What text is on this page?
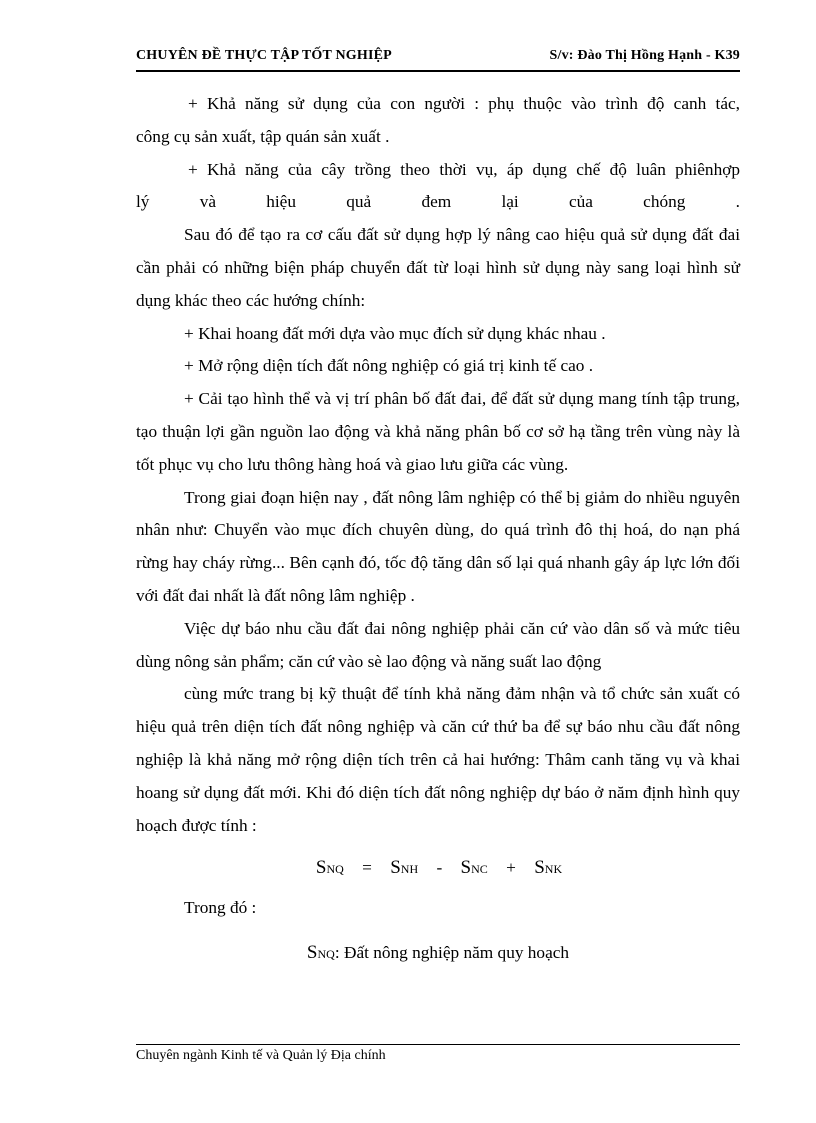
CHUYÊN ĐỀ THỰC TẬP TỐT NGHIỆP	S/v: Đào Thị Hồng Hạnh - K39

+ Khả năng sử dụng của con người : phụ thuộc vào trình độ canh tác,

công cụ sản xuất, tập quán sản xuất .

+ Khả năng của cây trồng theo thời vụ, áp dụng chế độ luân phiênhợp

lý và hiệu quả đem lại của chóng .

Sau đó để tạo ra cơ cấu đất sử dụng hợp lý nâng cao hiệu quả sử dụng đất đai cần phải có những biện pháp chuyển đất từ loại hình sử dụng này sang loại hình sử dụng khác theo các hướng chính:

+ Khai hoang đất mới dựa vào mục đích sử dụng khác nhau .

+ Mở rộng diện tích đất nông nghiệp có giá trị kinh tế cao .

+ Cải tạo hình thể và vị trí phân bố đất đai, để đất sử dụng mang tính tập trung, tạo thuận lợi gần nguồn lao động và khả năng phân bố cơ sở hạ tầng trên vùng này là tốt phục vụ cho lưu thông hàng hoá và giao lưu giữa các vùng.

Trong giai đoạn hiện nay , đất nông lâm nghiệp có thể bị giảm do nhiều nguyên nhân như: Chuyển vào mục đích chuyên dùng, do quá trình đô thị hoá, do nạn phá rừng hay cháy rừng... Bên cạnh đó, tốc độ tăng dân số lại quá nhanh gây áp lực lớn đối với đất đai nhất là đất nông lâm nghiệp .

Việc dự báo nhu cầu đất đai nông nghiệp phải căn cứ vào dân số và mức tiêu dùng nông sản phẩm; căn cứ vào sè lao động và năng suất lao động

cùng mức trang bị kỹ thuật để tính khả năng đảm nhận và tổ chức sản xuất có hiệu quả trên diện tích đất nông nghiệp và căn cứ thứ ba để sự báo nhu cầu đất nông nghiệp là khả năng mở rộng diện tích trên cả hai hướng: Thâm canh tăng vụ và khai hoang sử dụng đất mới. Khi đó diện tích đất nông nghiệp dự báo ở năm định hình quy hoạch được tính :

SNQ = SNH - SNC + SNK

Trong đó :

SNQ: Đất nông nghiệp năm quy hoạch

Chuyên ngành Kinh tế và Quản lý Địa chính
